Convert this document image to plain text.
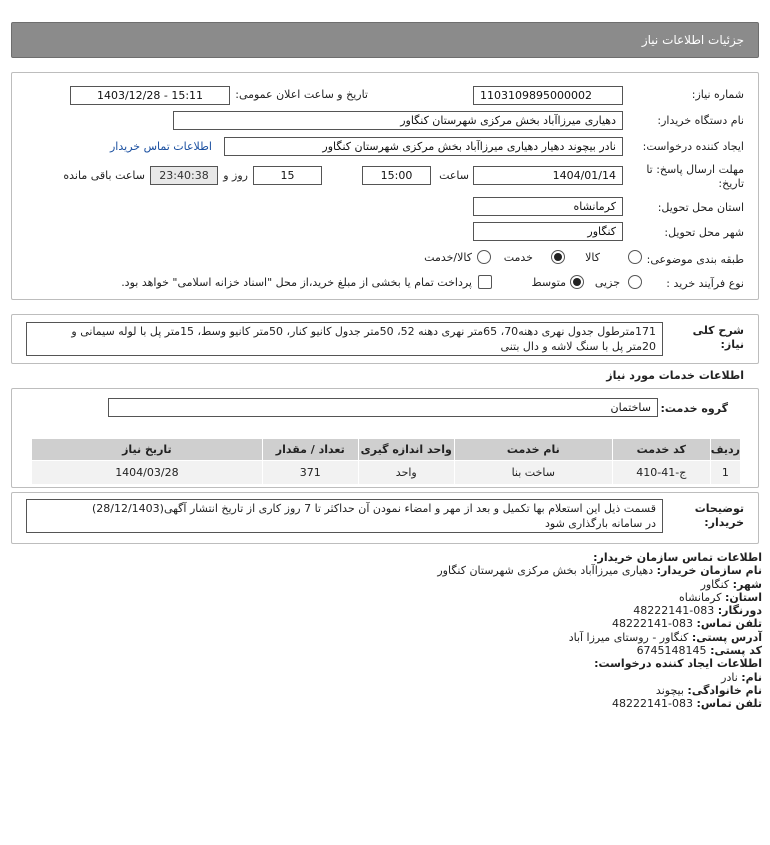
جزئیات اطلاعات نیاز
شماره نیاز:
1103109895000002
تاریخ و ساعت اعلان عمومی:
1403/12/28 - 15:11
نام دستگاه خریدار:
دهیاری میرزاآباد بخش مرکزی شهرستان کنگاور
ایجاد کننده درخواست:
نادر بیچوند دهیار دهیاری میرزاآباد بخش مرکزی شهرستان کنگاور
اطلاعات تماس خریدار
مهلت ارسال پاسخ: تا
تاریخ:
1404/01/14
ساعت
15:00
15
روز و
23:40:38
ساعت باقی مانده
استان محل تحویل:
کرمانشاه
شهر محل تحویل:
کنگاور
طبقه بندی موضوعی:
کالا
خدمت
کالا/خدمت
نوع فرآیند خرید :
جزیی
متوسط
پرداخت تمام یا بخشی از مبلغ خرید،از محل "اسناد خزانه اسلامی" خواهد بود.
شرح کلی
نیاز:
171مترطول جدول نهری دهنه70، 65متر نهری دهنه 52، 50متر جدول کانیو کنار، 50متر کانیو وسط، 15متر پل با لوله سیمانی و
20متر پل با سنگ لاشه و دال بتنی
اطلاعات خدمات مورد نیاز
گروه خدمت:
ساختمان
ردیف	کد خدمت	نام خدمت	واحد اندازه گیری	تعداد / مقدار	تاریخ نیاز
1	ج-41-410	ساخت بنا	واحد	371	1404/03/28
توضیحات
خریدار:
قسمت ذیل این استعلام بها تکمیل و بعد از مهر و امضاء نمودن آن حداکثر تا 7 روز کاری از تاریخ انتشار آگهی(28/12/1403)
در سامانه بارگذاری شود
اطلاعات تماس سازمان خریدار:
نام سازمان خریدار: دهیاری میرزاآباد بخش مرکزی شهرستان کنگاور
شهر: کنگاور
استان: کرمانشاه
دورنگار: 083-48222141
تلفن تماس: 083-48222141
آدرس پستی: کنگاور - روستای میرزا آباد
کد پستی: 6745148145
اطلاعات ایجاد کننده درخواست:
نام: نادر
نام خانوادگی: بیچوند
تلفن تماس: 083-48222141
